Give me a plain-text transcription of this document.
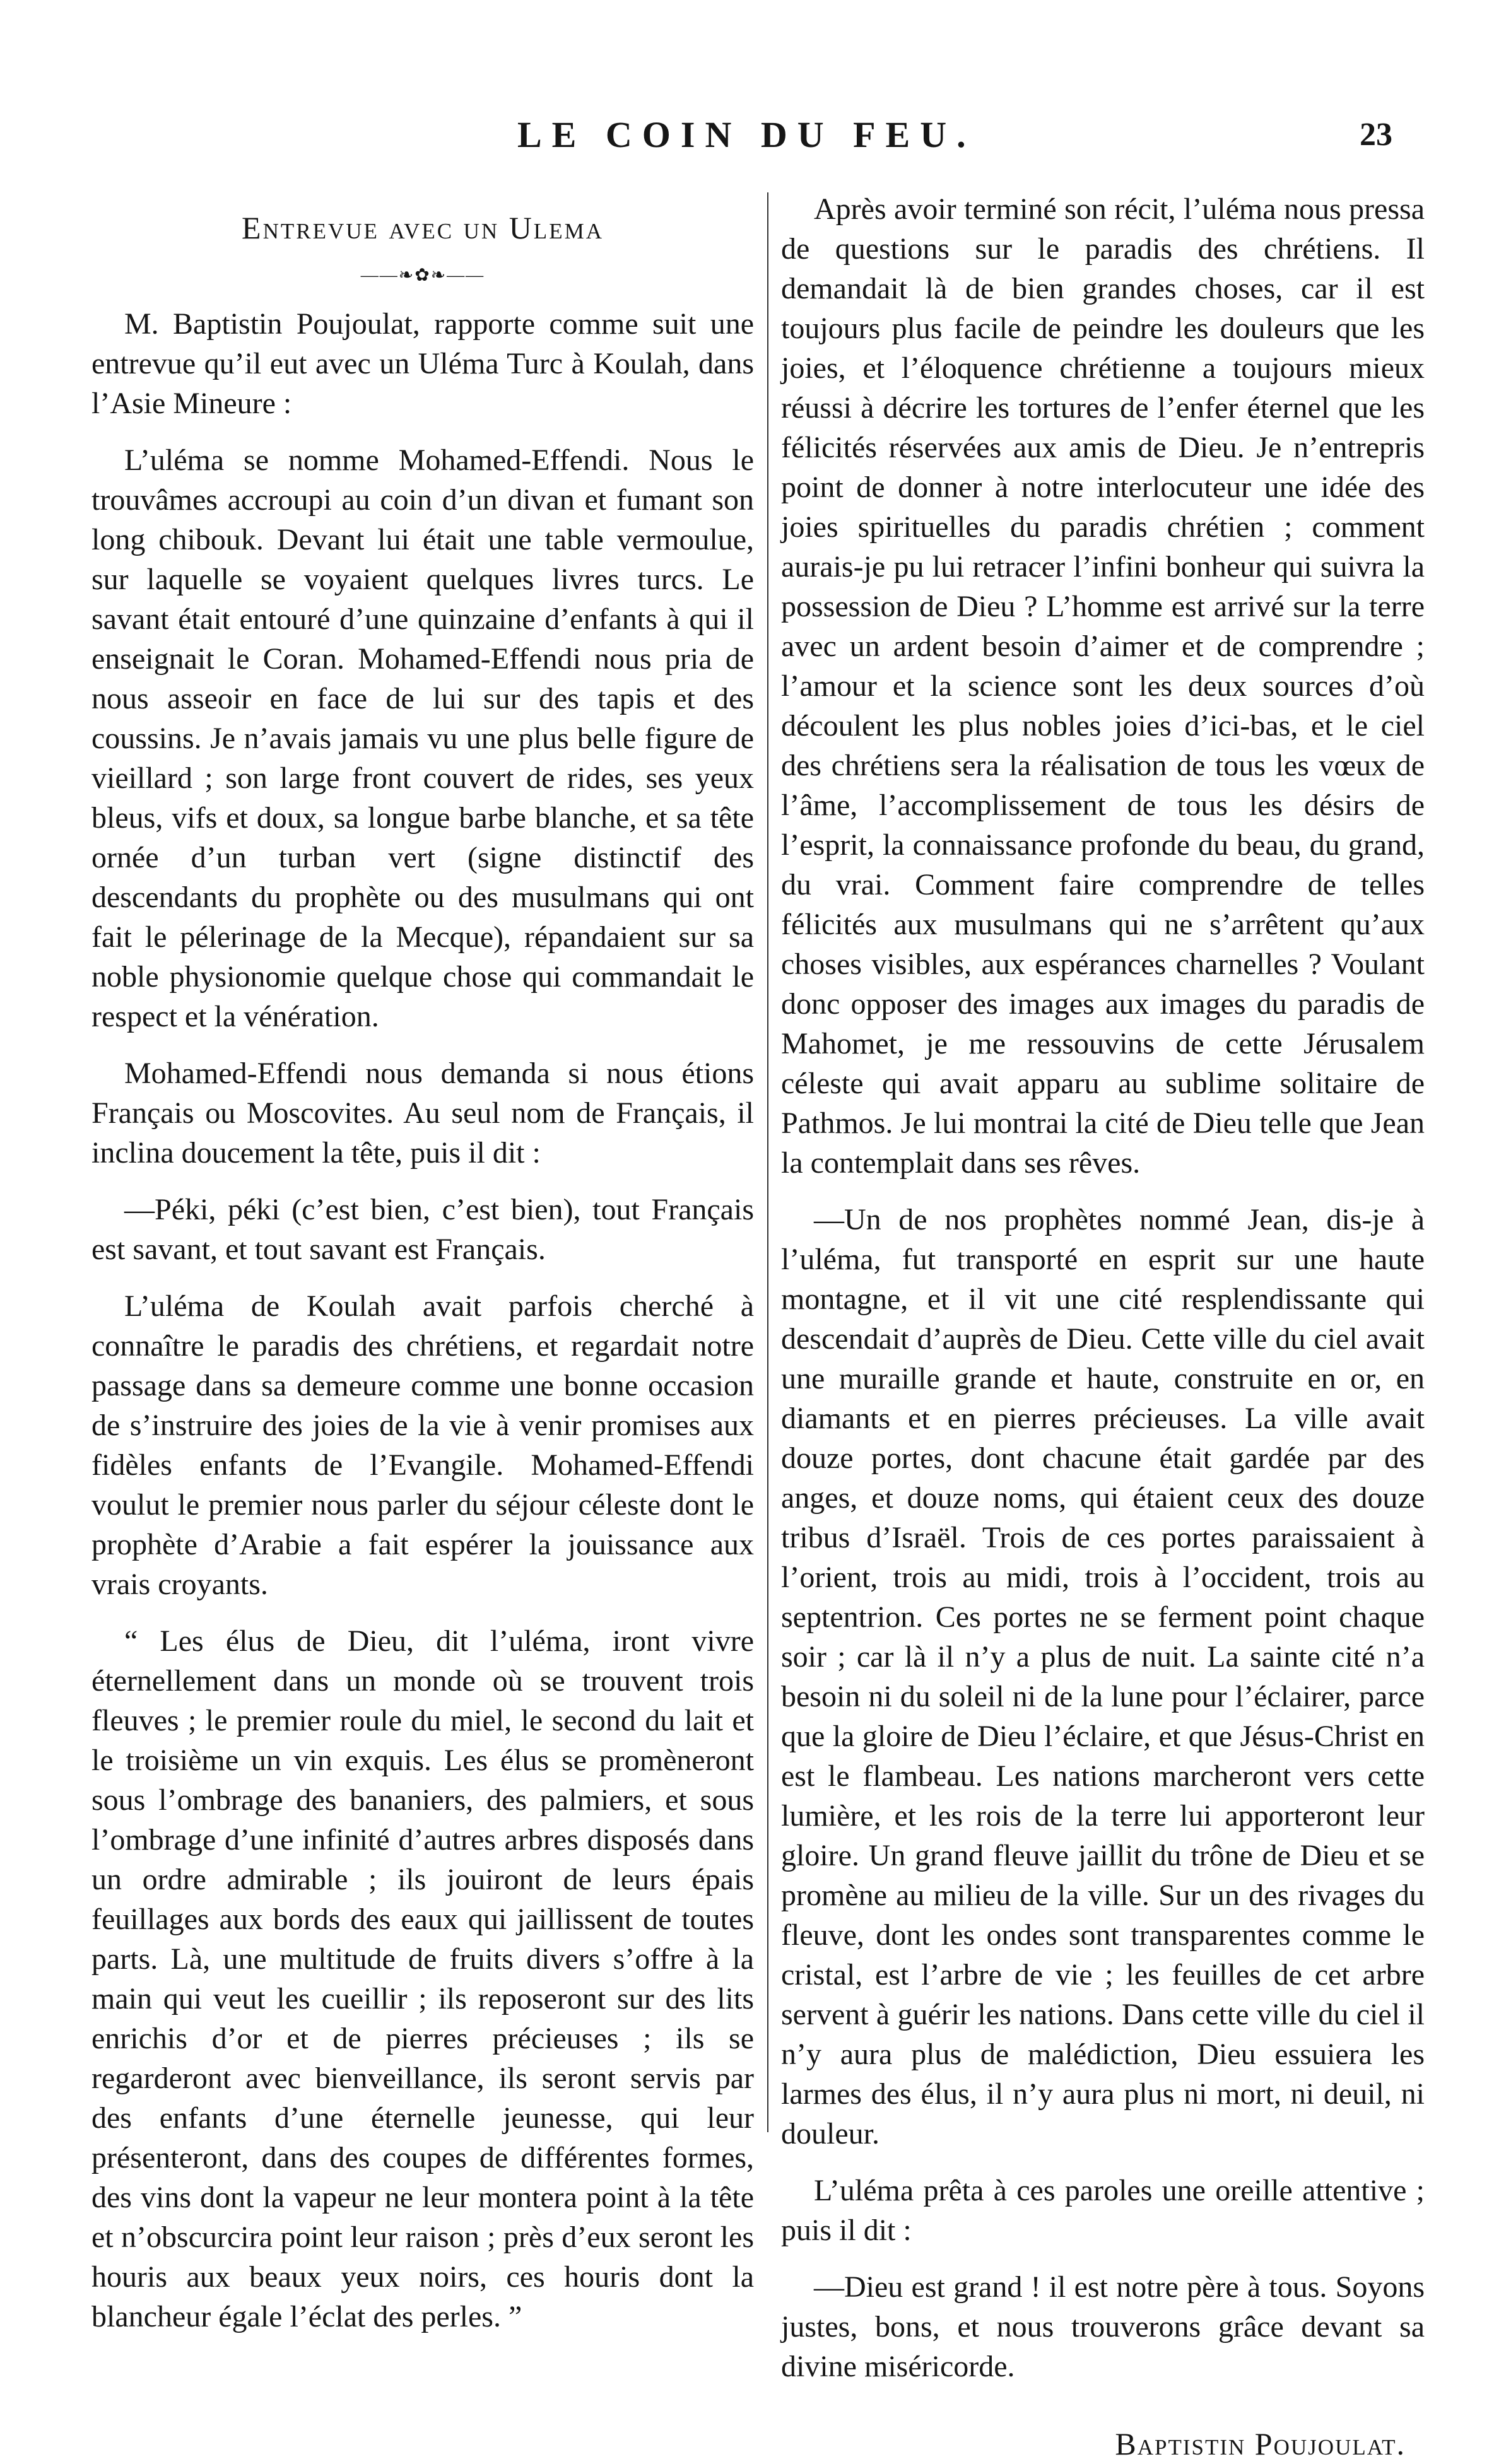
LE COIN DU FEU.	23
Entrevue avec un Ulema
——❧✿❧——

M. Baptistin Poujoulat, rapporte comme suit une entrevue qu’il eut avec un Uléma Turc à Koulah, dans l’Asie Mineure :

L’uléma se nomme Mohamed-Effendi. Nous le trouvâmes accroupi au coin d’un divan et fumant son long chibouk. Devant lui était une table vermoulue, sur laquelle se voyaient quelques livres turcs. Le savant était entouré d’une quinzaine d’enfants à qui il enseignait le Coran. Mohamed-Effendi nous pria de nous asseoir en face de lui sur des tapis et des coussins. Je n’avais jamais vu une plus belle figure de vieillard ; son large front couvert de rides, ses yeux bleus, vifs et doux, sa longue barbe blanche, et sa tête ornée d’un turban vert (signe distinctif des descendants du prophète ou des musulmans qui ont fait le pélerinage de la Mecque), répandaient sur sa noble physionomie quelque chose qui commandait le respect et la vénération.

Mohamed-Effendi nous demanda si nous étions Français ou Moscovites. Au seul nom de Français, il inclina doucement la tête, puis il dit :

—Péki, péki (c’est bien, c’est bien), tout Français est savant, et tout savant est Français.

L’uléma de Koulah avait parfois cherché à connaître le paradis des chrétiens, et regardait notre passage dans sa demeure comme une bonne occasion de s’instruire des joies de la vie à venir promises aux fidèles enfants de l’Evangile. Mohamed-Effendi voulut le premier nous parler du séjour céleste dont le prophète d’Arabie a fait espérer la jouissance aux vrais croyants.

“ Les élus de Dieu, dit l’uléma, iront vivre éternellement dans un monde où se trouvent trois fleuves ; le premier roule du miel, le second du lait et le troisième un vin exquis. Les élus se promèneront sous l’ombrage des bananiers, des palmiers, et sous l’ombrage d’une infinité d’autres arbres disposés dans un ordre admirable ; ils jouiront de leurs épais feuillages aux bords des eaux qui jaillissent de toutes parts. Là, une multitude de fruits divers s’offre à la main qui veut les cueillir ; ils reposeront sur des lits enrichis d’or et de pierres précieuses ; ils se regarderont avec bienveillance, ils seront servis par des enfants d’une éternelle jeunesse, qui leur présenteront, dans des coupes de différentes formes, des vins dont la vapeur ne leur montera point à la tête et n’obscurcira point leur raison ; près d’eux seront les houris aux beaux yeux noirs, ces houris dont la blancheur égale l’éclat des perles. ”

Après avoir terminé son récit, l’uléma nous pressa de questions sur le paradis des chrétiens. Il demandait là de bien grandes choses, car il est toujours plus facile de peindre les douleurs que les joies, et l’éloquence chrétienne a toujours mieux réussi à décrire les tortures de l’enfer éternel que les félicités réservées aux amis de Dieu. Je n’entrepris point de donner à notre interlocuteur une idée des joies spirituelles du paradis chrétien ; comment aurais-je pu lui retracer l’infini bonheur qui suivra la possession de Dieu ? L’homme est arrivé sur la terre avec un ardent besoin d’aimer et de comprendre ; l’amour et la science sont les deux sources d’où découlent les plus nobles joies d’ici-bas, et le ciel des chrétiens sera la réalisation de tous les vœux de l’âme, l’accomplissement de tous les désirs de l’esprit, la connaissance profonde du beau, du grand, du vrai. Comment faire comprendre de telles félicités aux musulmans qui ne s’arrêtent qu’aux choses visibles, aux espérances charnelles ? Voulant donc opposer des images aux images du paradis de Mahomet, je me ressouvins de cette Jérusalem céleste qui avait apparu au sublime solitaire de Pathmos. Je lui montrai la cité de Dieu telle que Jean la contemplait dans ses rêves.

—Un de nos prophètes nommé Jean, dis-je à l’uléma, fut transporté en esprit sur une haute montagne, et il vit une cité resplendissante qui descendait d’auprès de Dieu. Cette ville du ciel avait une muraille grande et haute, construite en or, en diamants et en pierres précieuses. La ville avait douze portes, dont chacune était gardée par des anges, et douze noms, qui étaient ceux des douze tribus d’Israël. Trois de ces portes paraissaient à l’orient, trois au midi, trois à l’occident, trois au septentrion. Ces portes ne se ferment point chaque soir ; car là il n’y a plus de nuit. La sainte cité n’a besoin ni du soleil ni de la lune pour l’éclairer, parce que la gloire de Dieu l’éclaire, et que Jésus-Christ en est le flambeau. Les nations marcheront vers cette lumière, et les rois de la terre lui apporteront leur gloire. Un grand fleuve jaillit du trône de Dieu et se promène au milieu de la ville. Sur un des rivages du fleuve, dont les ondes sont transparentes comme le cristal, est l’arbre de vie ; les feuilles de cet arbre servent à guérir les nations. Dans cette ville du ciel il n’y aura plus de malédiction, Dieu essuiera les larmes des élus, il n’y aura plus ni mort, ni deuil, ni douleur.

L’uléma prêta à ces paroles une oreille attentive ; puis il dit :

—Dieu est grand ! il est notre père à tous. Soyons justes, bons, et nous trouverons grâce devant sa divine miséricorde.

Baptistin Poujoulat.
